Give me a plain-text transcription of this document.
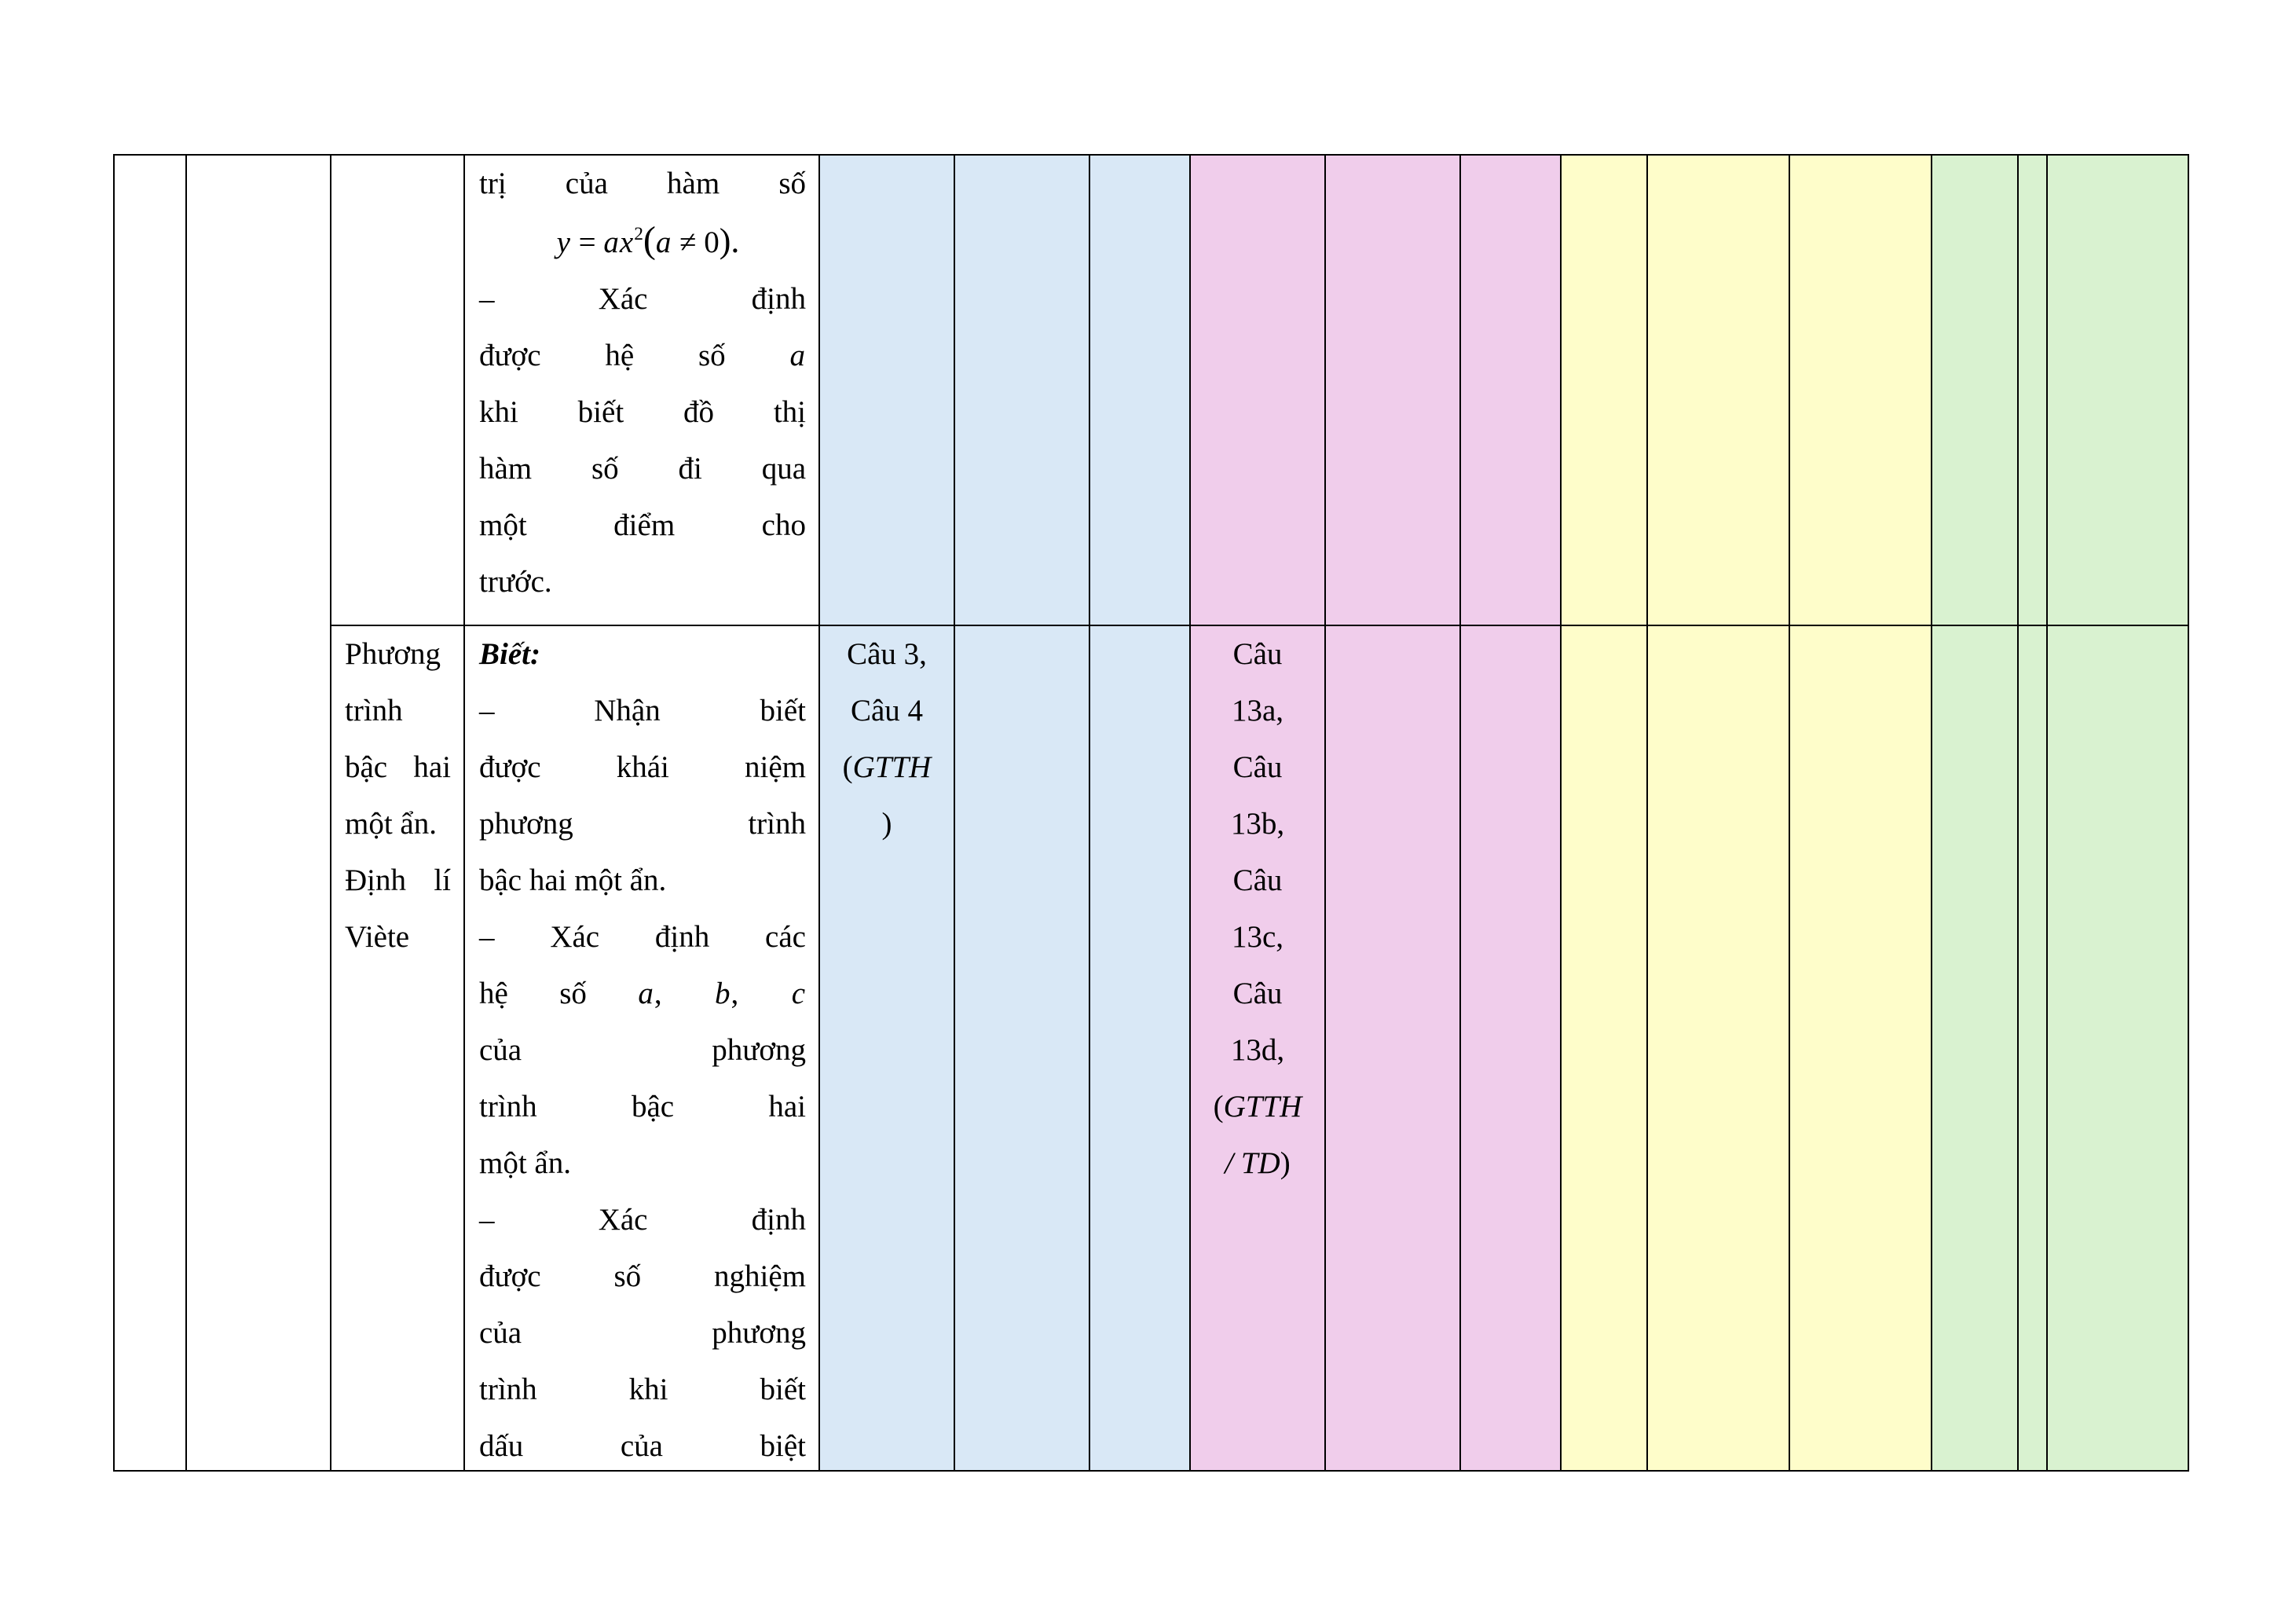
trị của hàm số
$y = ax^2(a \ne 0)$.
– Xác định
được hệ số a
khi biết đồ thị
hàm số đi qua
một điểm cho
trước.
Phương
trình
bậc hai
một ẩn.
Định lí
Viète
Biết:
– Nhận biết
được khái niệm
phương trình
bậc hai một ẩn.
– Xác định các
hệ số a, b, c
của phương
trình bậc hai
một ẩn.
– Xác định
được số nghiệm
của phương
trình khi biết
dấu của biệt
Câu 3,
Câu 4
(GTTH
)
Câu
13a,
Câu
13b,
Câu
13c,
Câu
13d,
(GTTH
/ TD)
